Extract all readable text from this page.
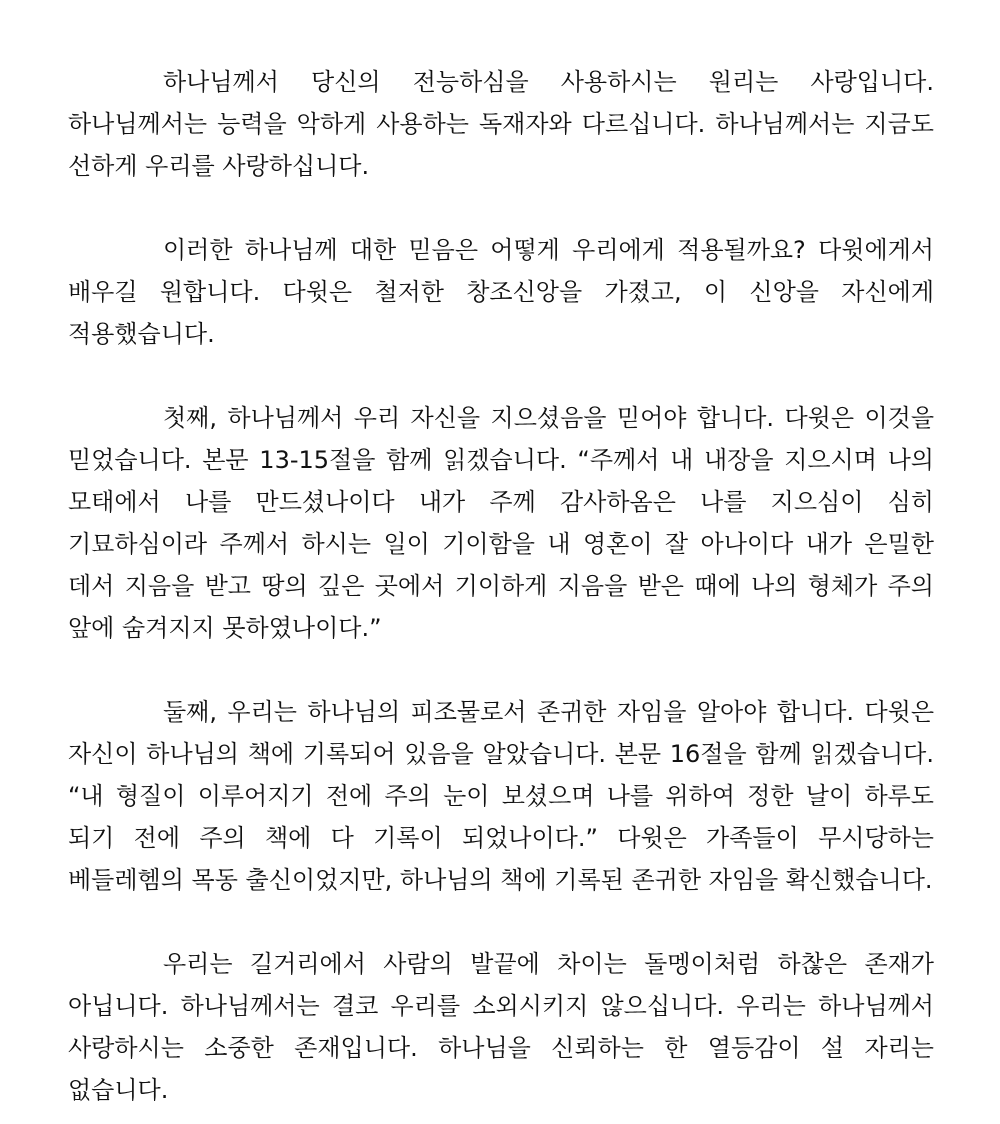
하나님께서 당신의 전능하심을 사용하시는 원리는 사랑입니다. 하나님께서는 능력을 악하게 사용하는 독재자와 다르십니다. 하나님께서는 지금도 선하게 우리를 사랑하십니다.

이러한 하나님께 대한 믿음은 어떻게 우리에게 적용될까요? 다윗에게서 배우길 원합니다. 다윗은 철저한 창조신앙을 가졌고, 이 신앙을 자신에게 적용했습니다.

첫째, 하나님께서 우리 자신을 지으셨음을 믿어야 합니다. 다윗은 이것을 믿었습니다. 본문 13-15절을 함께 읽겠습니다. “주께서 내 내장을 지으시며 나의 모태에서 나를 만드셨나이다 내가 주께 감사하옴은 나를 지으심이 심히 기묘하심이라 주께서 하시는 일이 기이함을 내 영혼이 잘 아나이다 내가 은밀한 데서 지음을 받고 땅의 깊은 곳에서 기이하게 지음을 받은 때에 나의 형체가 주의 앞에 숨겨지지 못하였나이다.”

둘째, 우리는 하나님의 피조물로서 존귀한 자임을 알아야 합니다. 다윗은 자신이 하나님의 책에 기록되어 있음을 알았습니다. 본문 16절을 함께 읽겠습니다. “내 형질이 이루어지기 전에 주의 눈이 보셨으며 나를 위하여 정한 날이 하루도 되기 전에 주의 책에 다 기록이 되었나이다.” 다윗은 가족들이 무시당하는 베들레헴의 목동 출신이었지만, 하나님의 책에 기록된 존귀한 자임을 확신했습니다.

우리는 길거리에서 사람의 발끝에 차이는 돌멩이처럼 하찮은 존재가 아닙니다. 하나님께서는 결코 우리를 소외시키지 않으십니다. 우리는 하나님께서 사랑하시는 소중한 존재입니다. 하나님을 신뢰하는 한 열등감이 설 자리는 없습니다.
